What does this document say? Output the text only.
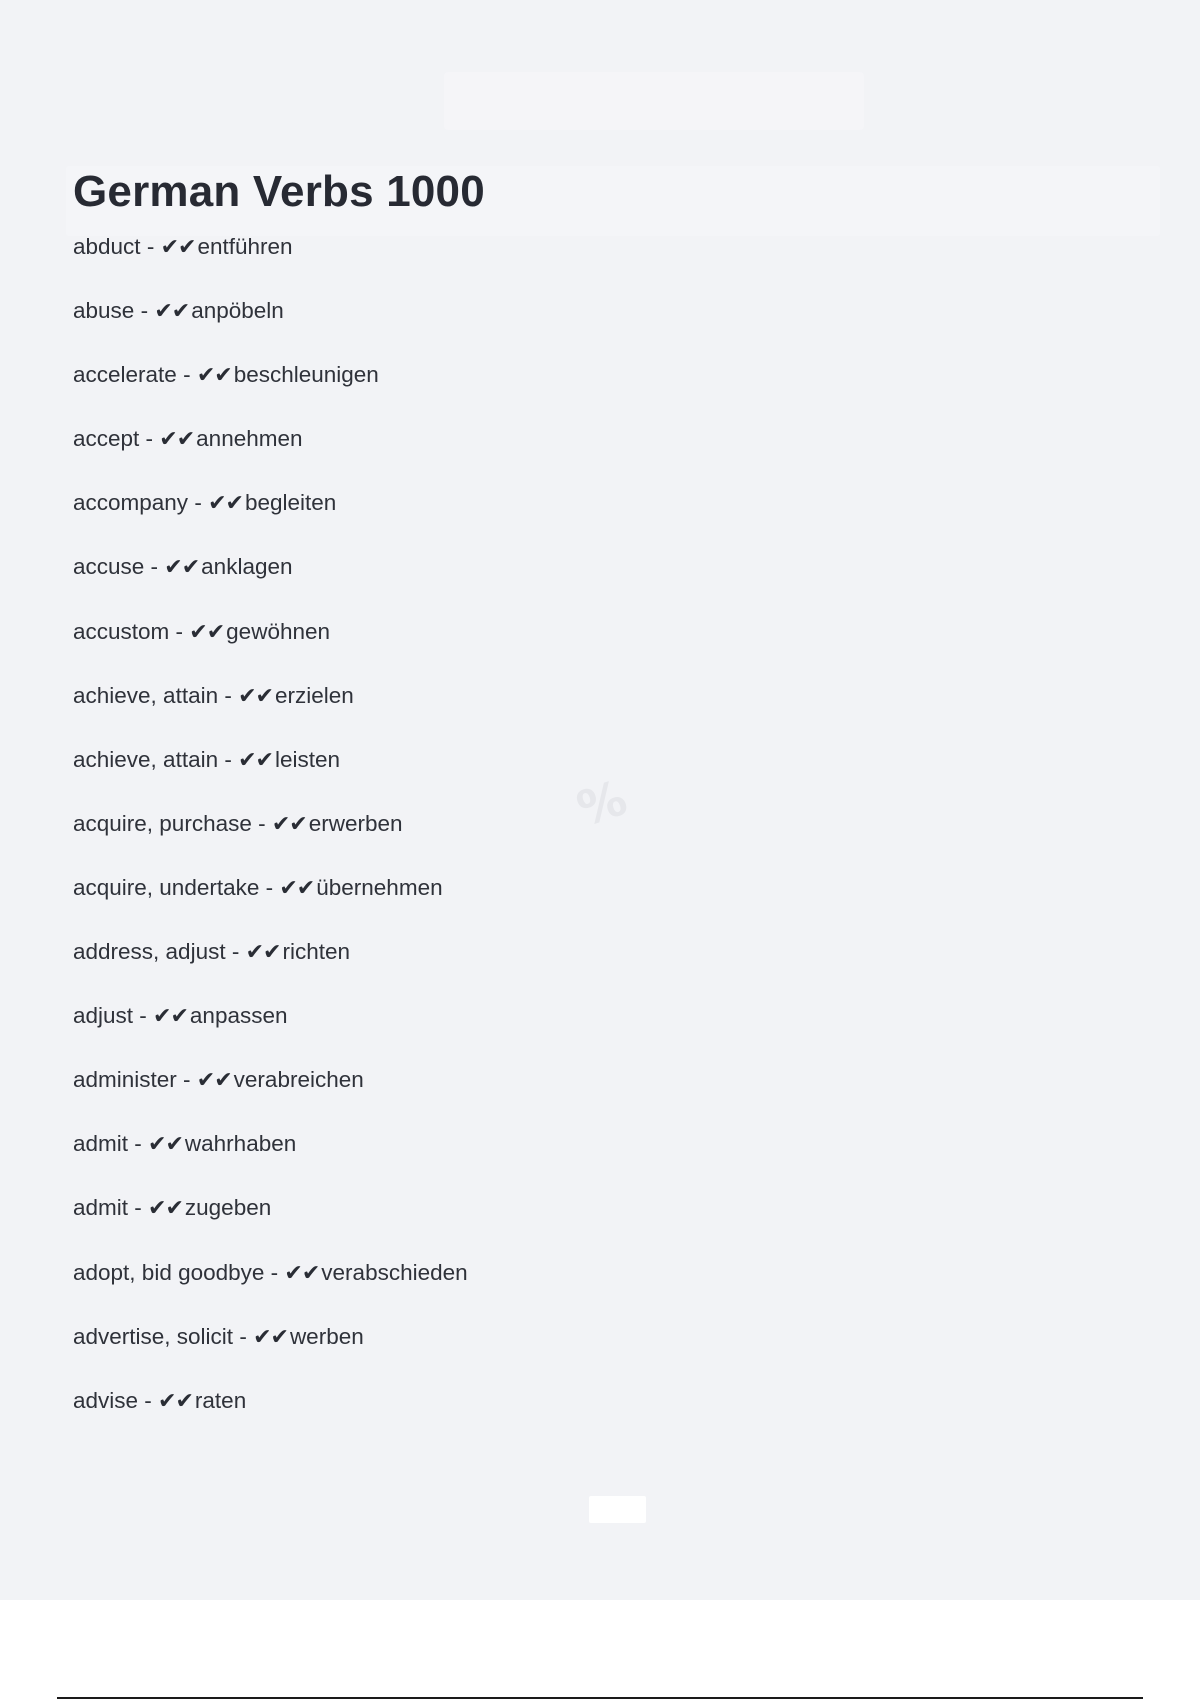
German Verbs 1000
abduct - ✔✔entführen
abuse - ✔✔anpöbeln
accelerate - ✔✔beschleunigen
accept - ✔✔annehmen
accompany - ✔✔begleiten
accuse - ✔✔anklagen
accustom - ✔✔gewöhnen
achieve, attain - ✔✔erzielen
achieve, attain - ✔✔leisten
acquire, purchase - ✔✔erwerben
acquire, undertake - ✔✔übernehmen
address, adjust - ✔✔richten
adjust - ✔✔anpassen
administer - ✔✔verabreichen
admit - ✔✔wahrhaben
admit - ✔✔zugeben
adopt, bid goodbye - ✔✔verabschieden
advertise, solicit - ✔✔werben
advise - ✔✔raten
%
